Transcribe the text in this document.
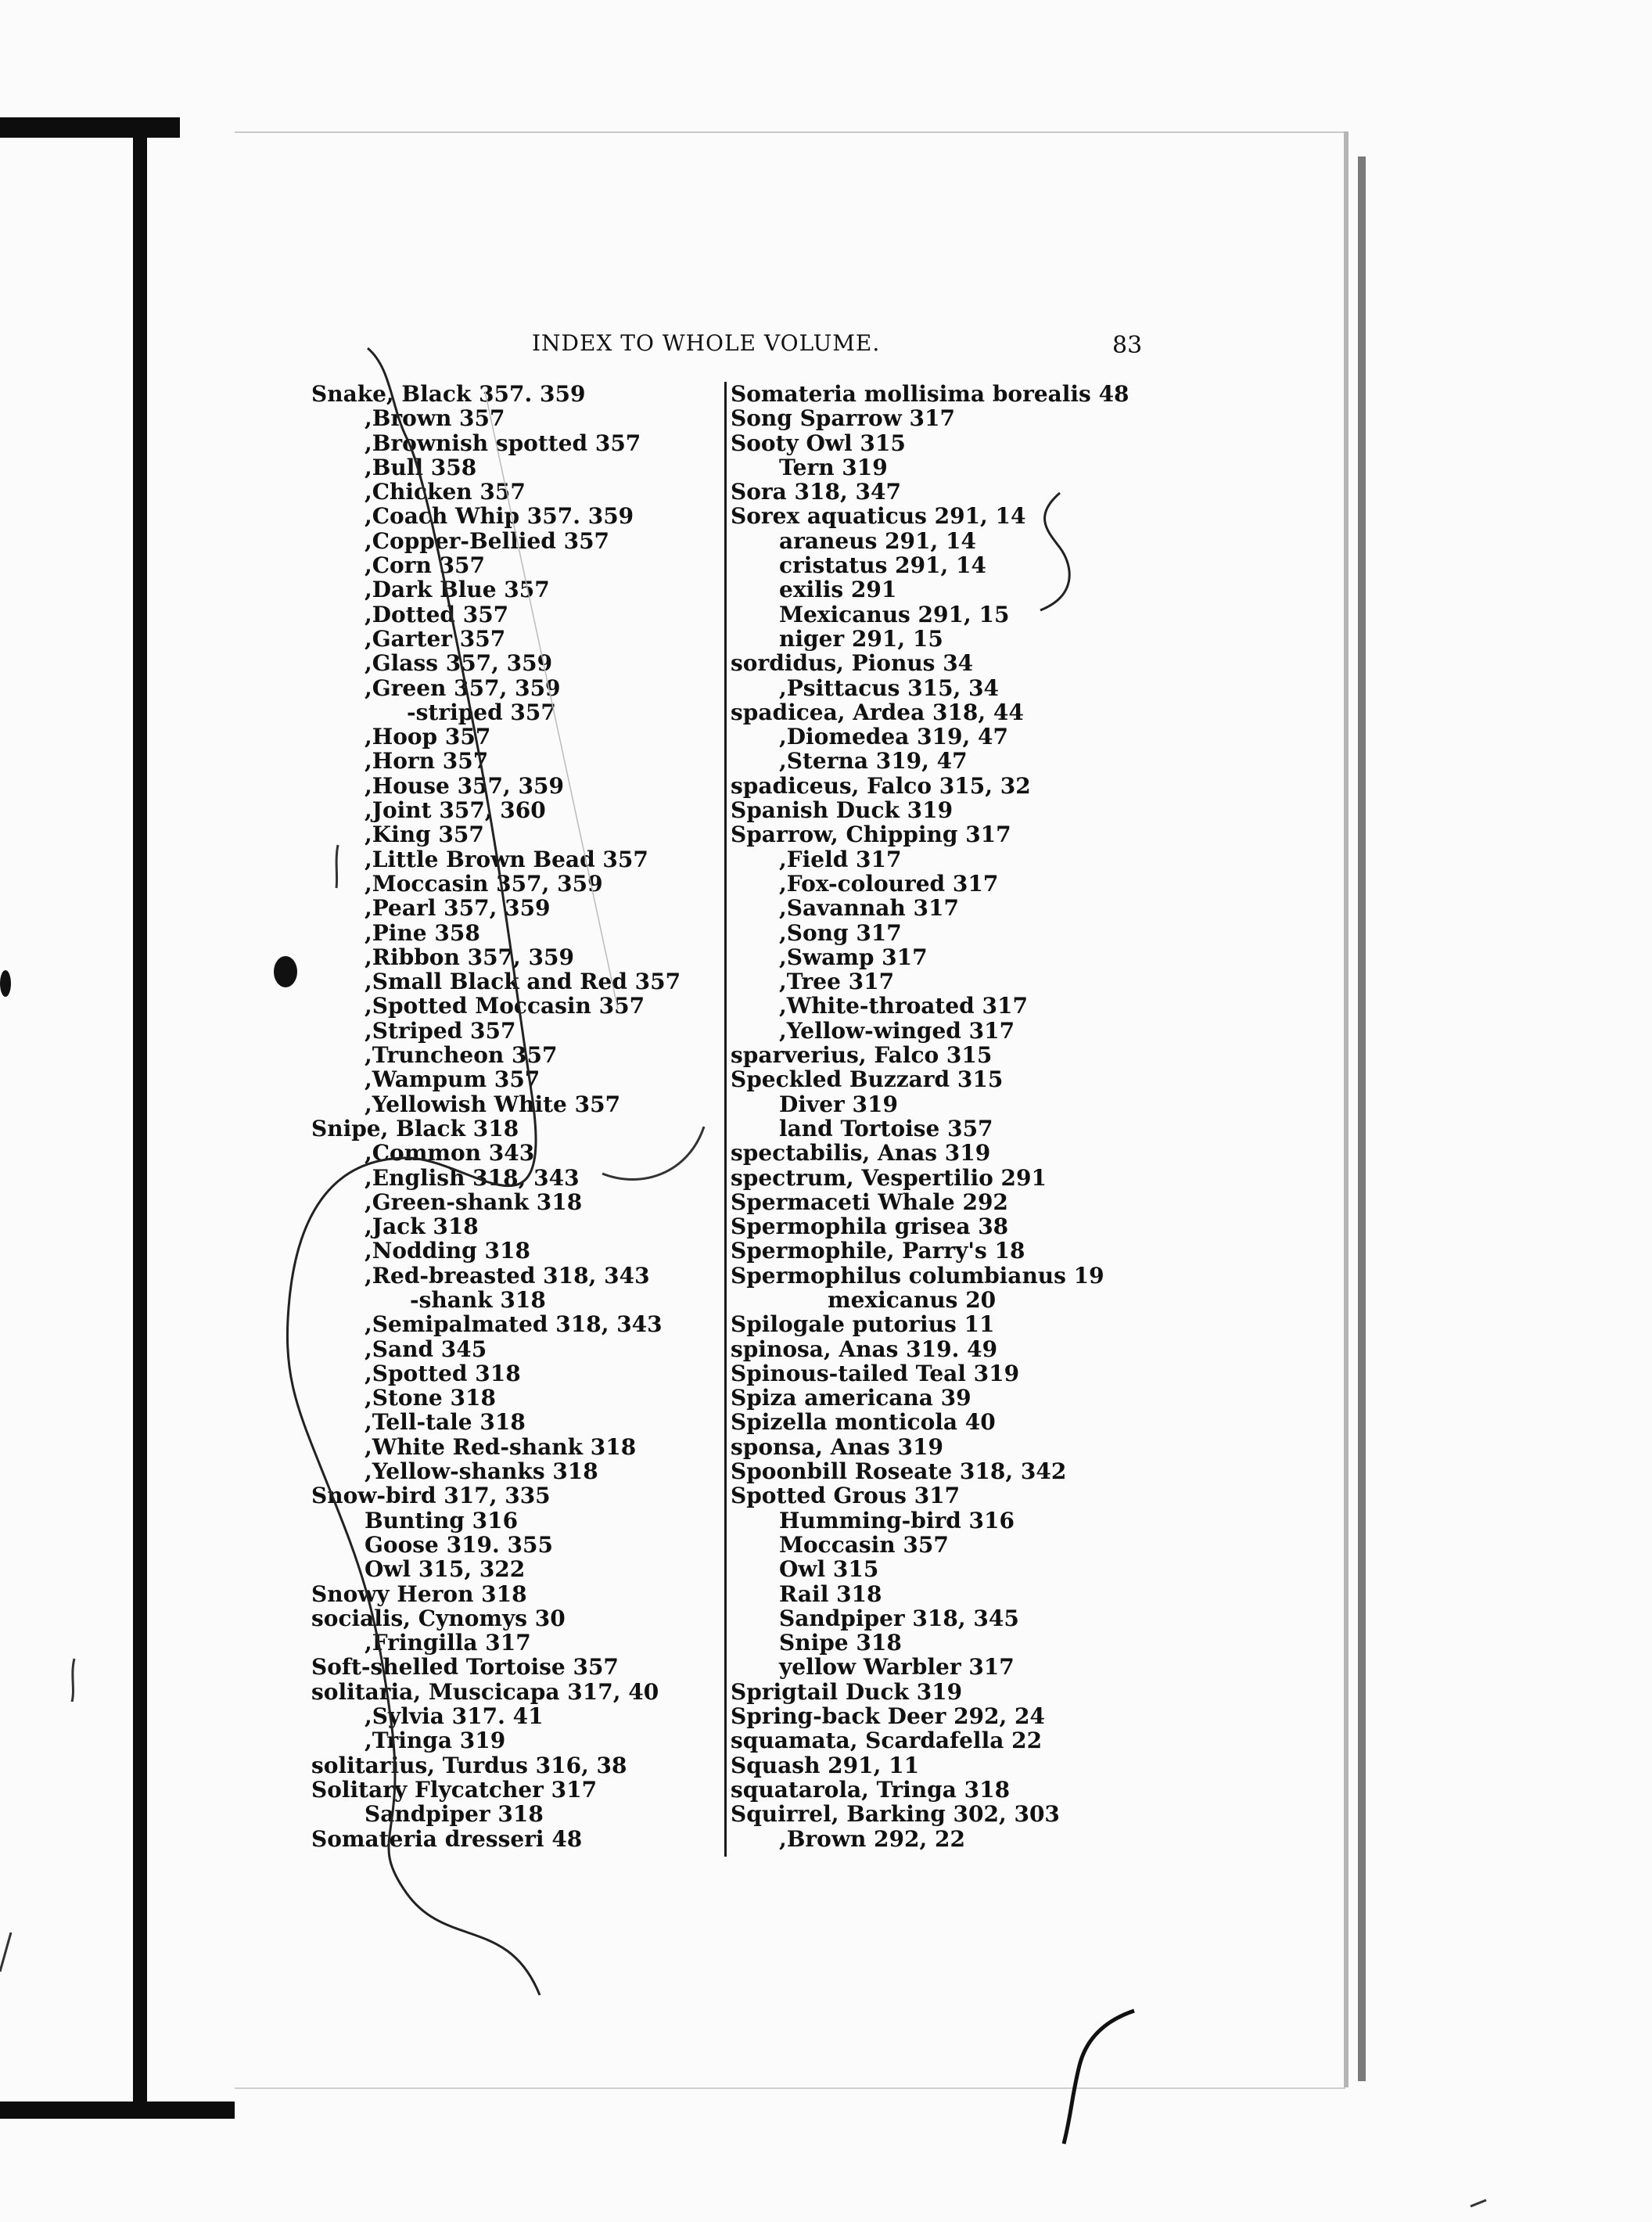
INDEX TO WHOLE VOLUME.	83
Snake, Black 357. 359
,Brown 357
,Brownish spotted 357
,Bull 358
,Chicken 357
,Coach Whip 357. 359
,Copper-Bellied 357
,Corn 357
,Dark Blue 357
,Dotted 357
,Garter 357
,Glass 357, 359
,Green 357, 359
-striped 357
,Hoop 357
,Horn 357
,House 357, 359
,Joint 357, 360
,King 357
,Little Brown Bead 357
,Moccasin 357, 359
,Pearl 357, 359
,Pine 358
,Ribbon 357, 359
,Small Black and Red 357
,Spotted Moccasin 357
,Striped 357
,Truncheon 357
,Wampum 357
,Yellowish White 357
Snipe, Black 318
,Common 343
,English 318, 343
,Green-shank 318
,Jack 318
,Nodding 318
,Red-breasted 318, 343
-shank 318
,Semipalmated 318, 343
,Sand 345
,Spotted 318
,Stone 318
,Tell-tale 318
,White Red-shank 318
,Yellow-shanks 318
Snow-bird 317, 335
Bunting 316
Goose 319. 355
Owl 315, 322
Snowy Heron 318
socialis, Cynomys 30
,Fringilla 317
Soft-shelled Tortoise 357
solitaria, Muscicapa 317, 40
,Sylvia 317. 41
,Tringa 319
solitarius, Turdus 316, 38
Solitary Flycatcher 317
Sandpiper 318
Somateria dresseri 48
Somateria mollisima borealis 48
Song Sparrow 317
Sooty Owl 315
Tern 319
Sora 318, 347
Sorex aquaticus 291, 14
araneus 291, 14
cristatus 291, 14
exilis 291
Mexicanus 291, 15
niger 291, 15
sordidus, Pionus 34
,Psittacus 315, 34
spadicea, Ardea 318, 44
,Diomedea 319, 47
,Sterna 319, 47
spadiceus, Falco 315, 32
Spanish Duck 319
Sparrow, Chipping 317
,Field 317
,Fox-coloured 317
,Savannah 317
,Song 317
,Swamp 317
,Tree 317
,White-throated 317
,Yellow-winged 317
sparverius, Falco 315
Speckled Buzzard 315
Diver 319
land Tortoise 357
spectabilis, Anas 319
spectrum, Vespertilio 291
Spermaceti Whale 292
Spermophila grisea 38
Spermophile, Parry's 18
Spermophilus columbianus 19
mexicanus 20
Spilogale putorius 11
spinosa, Anas 319. 49
Spinous-tailed Teal 319
Spiza americana 39
Spizella monticola 40
sponsa, Anas 319
Spoonbill Roseate 318, 342
Spotted Grous 317
Humming-bird 316
Moccasin 357
Owl 315
Rail 318
Sandpiper 318, 345
Snipe 318
yellow Warbler 317
Sprigtail Duck 319
Spring-back Deer 292, 24
squamata, Scardafella 22
Squash 291, 11
squatarola, Tringa 318
Squirrel, Barking 302, 303
,Brown 292, 22
